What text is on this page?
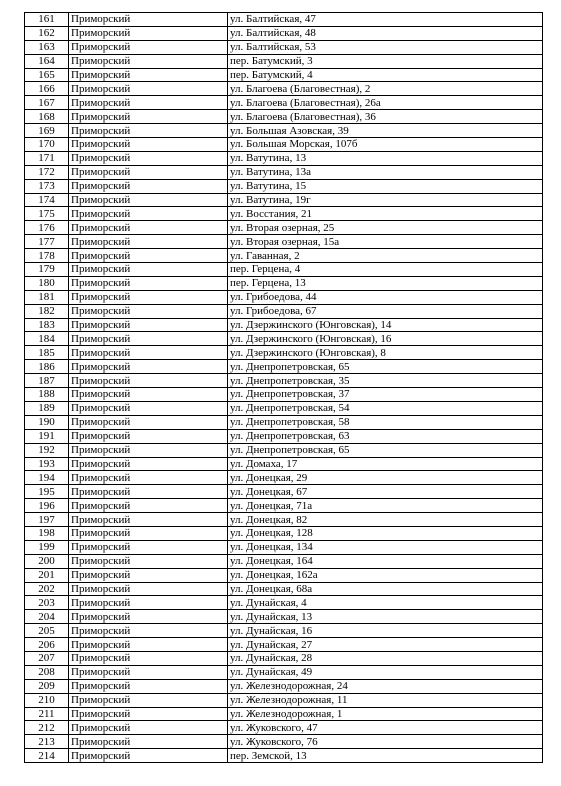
161	Приморский	ул. Балтийская, 47
162	Приморский	ул. Балтийская, 48
163	Приморский	ул. Балтийская, 53
164	Приморский	пер. Батумский, 3
165	Приморский	пер. Батумский, 4
166	Приморский	ул. Благоева (Благовестная), 2
167	Приморский	ул. Благоева (Благовестная), 26а
168	Приморский	ул. Благоева (Благовестная), 36
169	Приморский	ул. Большая Азовская, 39
170	Приморский	ул. Большая Морская, 107б
171	Приморский	ул. Ватутина, 13
172	Приморский	ул. Ватутина, 13а
173	Приморский	ул. Ватутина, 15
174	Приморский	ул. Ватутина, 19г
175	Приморский	ул. Восстания, 21
176	Приморский	ул. Вторая озерная, 25
177	Приморский	ул. Вторая озерная, 15а
178	Приморский	ул. Гаванная, 2
179	Приморский	пер. Герцена, 4
180	Приморский	пер. Герцена, 13
181	Приморский	ул. Грибоедова, 44
182	Приморский	ул. Грибоедова, 67
183	Приморский	ул. Дзержинского (Юнговская), 14
184	Приморский	ул. Дзержинского (Юнговская), 16
185	Приморский	ул. Дзержинского (Юнговская), 8
186	Приморский	ул. Днепропетровская, 65
187	Приморский	ул. Днепропетровская, 35
188	Приморский	ул. Днепропетровская, 37
189	Приморский	ул. Днепропетровская, 54
190	Приморский	ул. Днепропетровская, 58
191	Приморский	ул. Днепропетровская, 63
192	Приморский	ул. Днепропетровская, 65
193	Приморский	ул. Домаха, 17
194	Приморский	ул. Донецкая, 29
195	Приморский	ул. Донецкая, 67
196	Приморский	ул. Донецкая, 71а
197	Приморский	ул. Донецкая, 82
198	Приморский	ул. Донецкая, 128
199	Приморский	ул. Донецкая, 134
200	Приморский	ул. Донецкая, 164
201	Приморский	ул. Донецкая, 162а
202	Приморский	ул. Донецкая, 68а
203	Приморский	ул. Дунайская, 4
204	Приморский	ул. Дунайская, 13
205	Приморский	ул. Дунайская, 16
206	Приморский	ул. Дунайская, 27
207	Приморский	ул. Дунайская, 28
208	Приморский	ул. Дунайская, 49
209	Приморский	ул. Железнодорожная, 24
210	Приморский	ул. Железнодорожная, 11
211	Приморский	ул. Железнодорожная, 1
212	Приморский	ул. Жуковского, 47
213	Приморский	ул. Жуковского, 76
214	Приморский	пер. Земской, 13
